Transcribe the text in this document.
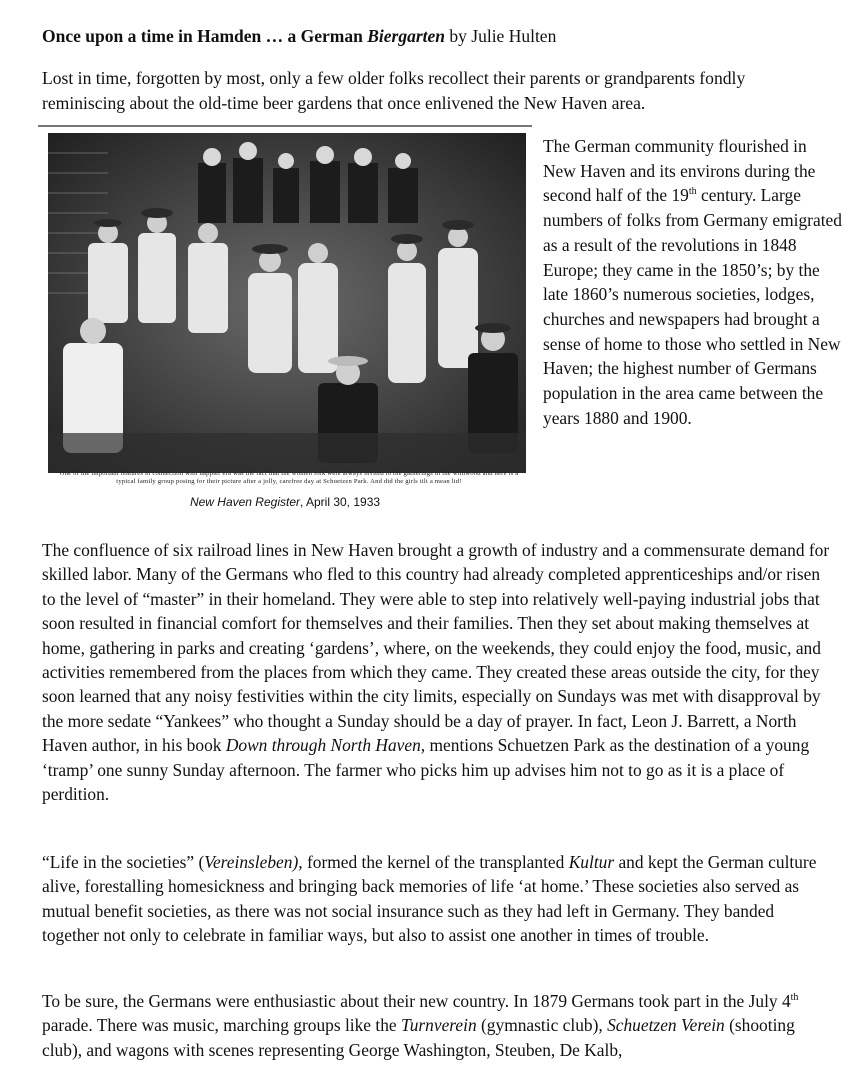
Once upon a time in Hamden … a German Biergarten by Julie Hulten
Lost in time, forgotten by most, only a few older folks recollect their parents or grandparents fondly reminiscing about the old-time beer gardens that once enlivened the New Haven area.
One of the important features in connection with happier era was the fact that the women folk were always invited to the gatherings in the wildwood and here is a typical family group posing for their picture after a jolly, carefree day at Schuetzen Park. And did the girls tilt a mean lid!
New Haven Register, April 30, 1933
The German community flourished in New Haven and its environs during the second half of the 19th century. Large numbers of folks from Germany emigrated as a result of the revolutions in 1848 Europe; they came in the 1850’s; by the late 1860’s numerous societies, lodges, churches and newspapers had brought a sense of home to those who settled in New Haven; the highest number of Germans population in the area came between the years 1880 and 1900.
The confluence of six railroad lines in New Haven brought a growth of industry and a commensurate demand for skilled labor. Many of the Germans who fled to this country had already completed apprenticeships and/or risen to the level of “master” in their homeland. They were able to step into relatively well-paying industrial jobs that soon resulted in financial comfort for themselves and their families. Then they set about making themselves at home, gathering in parks and creating ‘gardens’, where, on the weekends, they could enjoy the food, music, and activities remembered from the places from which they came. They created these areas outside the city, for they soon learned that any noisy festivities within the city limits, especially on Sundays was met with disapproval by the more sedate “Yankees” who thought a Sunday should be a day of prayer. In fact, Leon J. Barrett, a North Haven author, in his book Down through North Haven, mentions Schuetzen Park as the destination of a young ‘tramp’ one sunny Sunday afternoon. The farmer who picks him up advises him not to go as it is a place of perdition.
“Life in the societies” (Vereinsleben), formed the kernel of the transplanted Kultur and kept the German culture alive, forestalling homesickness and bringing back memories of life ‘at home.’ These societies also served as mutual benefit societies, as there was not social insurance such as they had left in Germany. They banded together not only to celebrate in familiar ways, but also to assist one another in times of trouble.
To be sure, the Germans were enthusiastic about their new country. In 1879 Germans took part in the July 4th parade. There was music, marching groups like the Turnverein (gymnastic club), Schuetzen Verein (shooting club), and wagons with scenes representing George Washington, Steuben, De Kalb,
